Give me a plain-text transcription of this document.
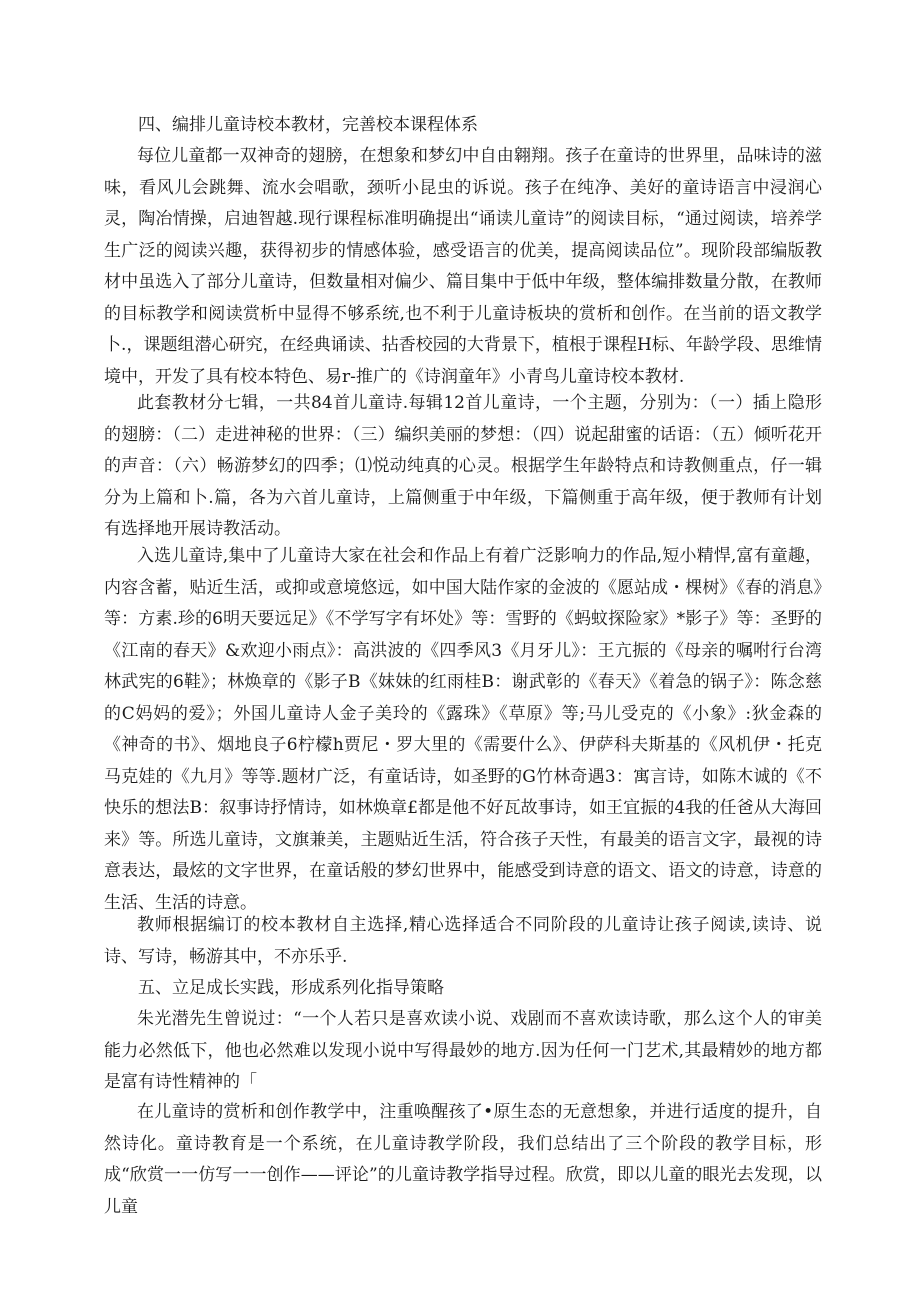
四、编排儿童诗校本教材，完善校本课程体系

每位儿童都一双神奇的翅膀，在想象和梦幻中自由翱翔。孩子在童诗的世界里，品味诗的滋味，看风儿会跳舞、流水会唱歌，颈听小昆虫的诉说。孩子在纯净、美好的童诗语言中浸润心灵，陶冶情操，启迪智越.现行课程标准明确提出“诵读儿童诗”的阅读目标，“通过阅读，培养学生广泛的阅读兴趣，获得初步的情感体验，感受语言的优美，提高阅读品位”。现阶段部编版教材中虽选入了部分儿童诗，但数量相对偏少、篇目集中于低中年级，整体编排数量分散，在教师的目标教学和阅读赏析中显得不够系统,也不利于儿童诗板块的赏析和创作。在当前的语文教学卜.，课题组潜心研究，在经典诵读、拈香校园的大背景下，植根于课程H标、年龄学段、思维情境中，开发了具有校本特色、易r-推广的《诗润童年》小青鸟儿童诗校本教材.

此套教材分七辑，一共84首儿童诗.每辑12首儿童诗，一个主题，分别为：（一）插上隐形的翅膀：（二）走进神秘的世界：（三）编织美丽的梦想：（四）说起甜蜜的话语：（五）倾听花开的声音：（六）畅游梦幻的四季；⑴悦动纯真的心灵。根据学生年龄特点和诗教侧重点，仔一辑分为上篇和卜.篇，各为六首儿童诗，上篇侧重于中年级，下篇侧重于高年级，便于教师有计划有选择地开展诗教活动。

入选儿童诗,集中了儿童诗大家在社会和作品上有着广泛影响力的作品,短小精悍,富有童趣，内容含蓄，贴近生活，或抑或意境悠远，如中国大陆作家的金波的《愿站成・棵树》《春的消息》等：方素.珍的6明天要远足》《不学写字有坏处》等：雪野的《蚂蚊探险家》*影子》等：圣野的《江南的春天》&欢迎小雨点》：高洪波的《四季风3《月牙儿》：王亢振的《母亲的嘱咐行台湾林武宪的6鞋》；林焕章的《影子B《妹妹的红雨桂B：谢武彰的《春天》《着急的锅子》：陈念慈的C妈妈的爱》；外国儿童诗人金子美玲的《露珠》《草原》等;马儿受克的《小象》:狄金森的《神奇的书》、烟地良子6柠檬h贾尼・罗大里的《需要什么》、伊萨科夫斯基的《风机伊・托克马克娃的《九月》等等.题材广泛，有童话诗，如圣野的G竹林奇遇3：寓言诗，如陈木诚的《不快乐的想法B：叙事诗抒情诗，如林焕章£都是他不好瓦故事诗，如王宜振的4我的任爸从大海回来》等。所选儿童诗，文旗兼美，主题贴近生活，符合孩子天性，有最美的语言文字，最视的诗意表达，最炫的文字世界，在童话般的梦幻世界中，能感受到诗意的语文、语文的诗意，诗意的生活、生活的诗意。

教师根据编订的校本教材自主选择,精心选择适合不同阶段的儿童诗让孩子阅读,读诗、说诗、写诗，畅游其中，不亦乐乎.

五、立足成长实践，形成系列化指导策略

朱光潜先生曾说过：“一个人若只是喜欢读小说、戏剧而不喜欢读诗歌，那么这个人的审美能力必然低下，他也必然难以发现小说中写得最妙的地方.因为任何一门艺术,其最精妙的地方都是富有诗性精神的「

在儿童诗的赏析和创作教学中，注重唤醒孩了•原生态的无意想象，并进行适度的提升，自然诗化。童诗教育是一个系统，在儿童诗教学阶段，我们总结出了三个阶段的教学目标，形成“欣赏一一仿写一一创作——评论”的儿童诗教学指导过程。欣赏，即以儿童的眼光去发现，以儿童
